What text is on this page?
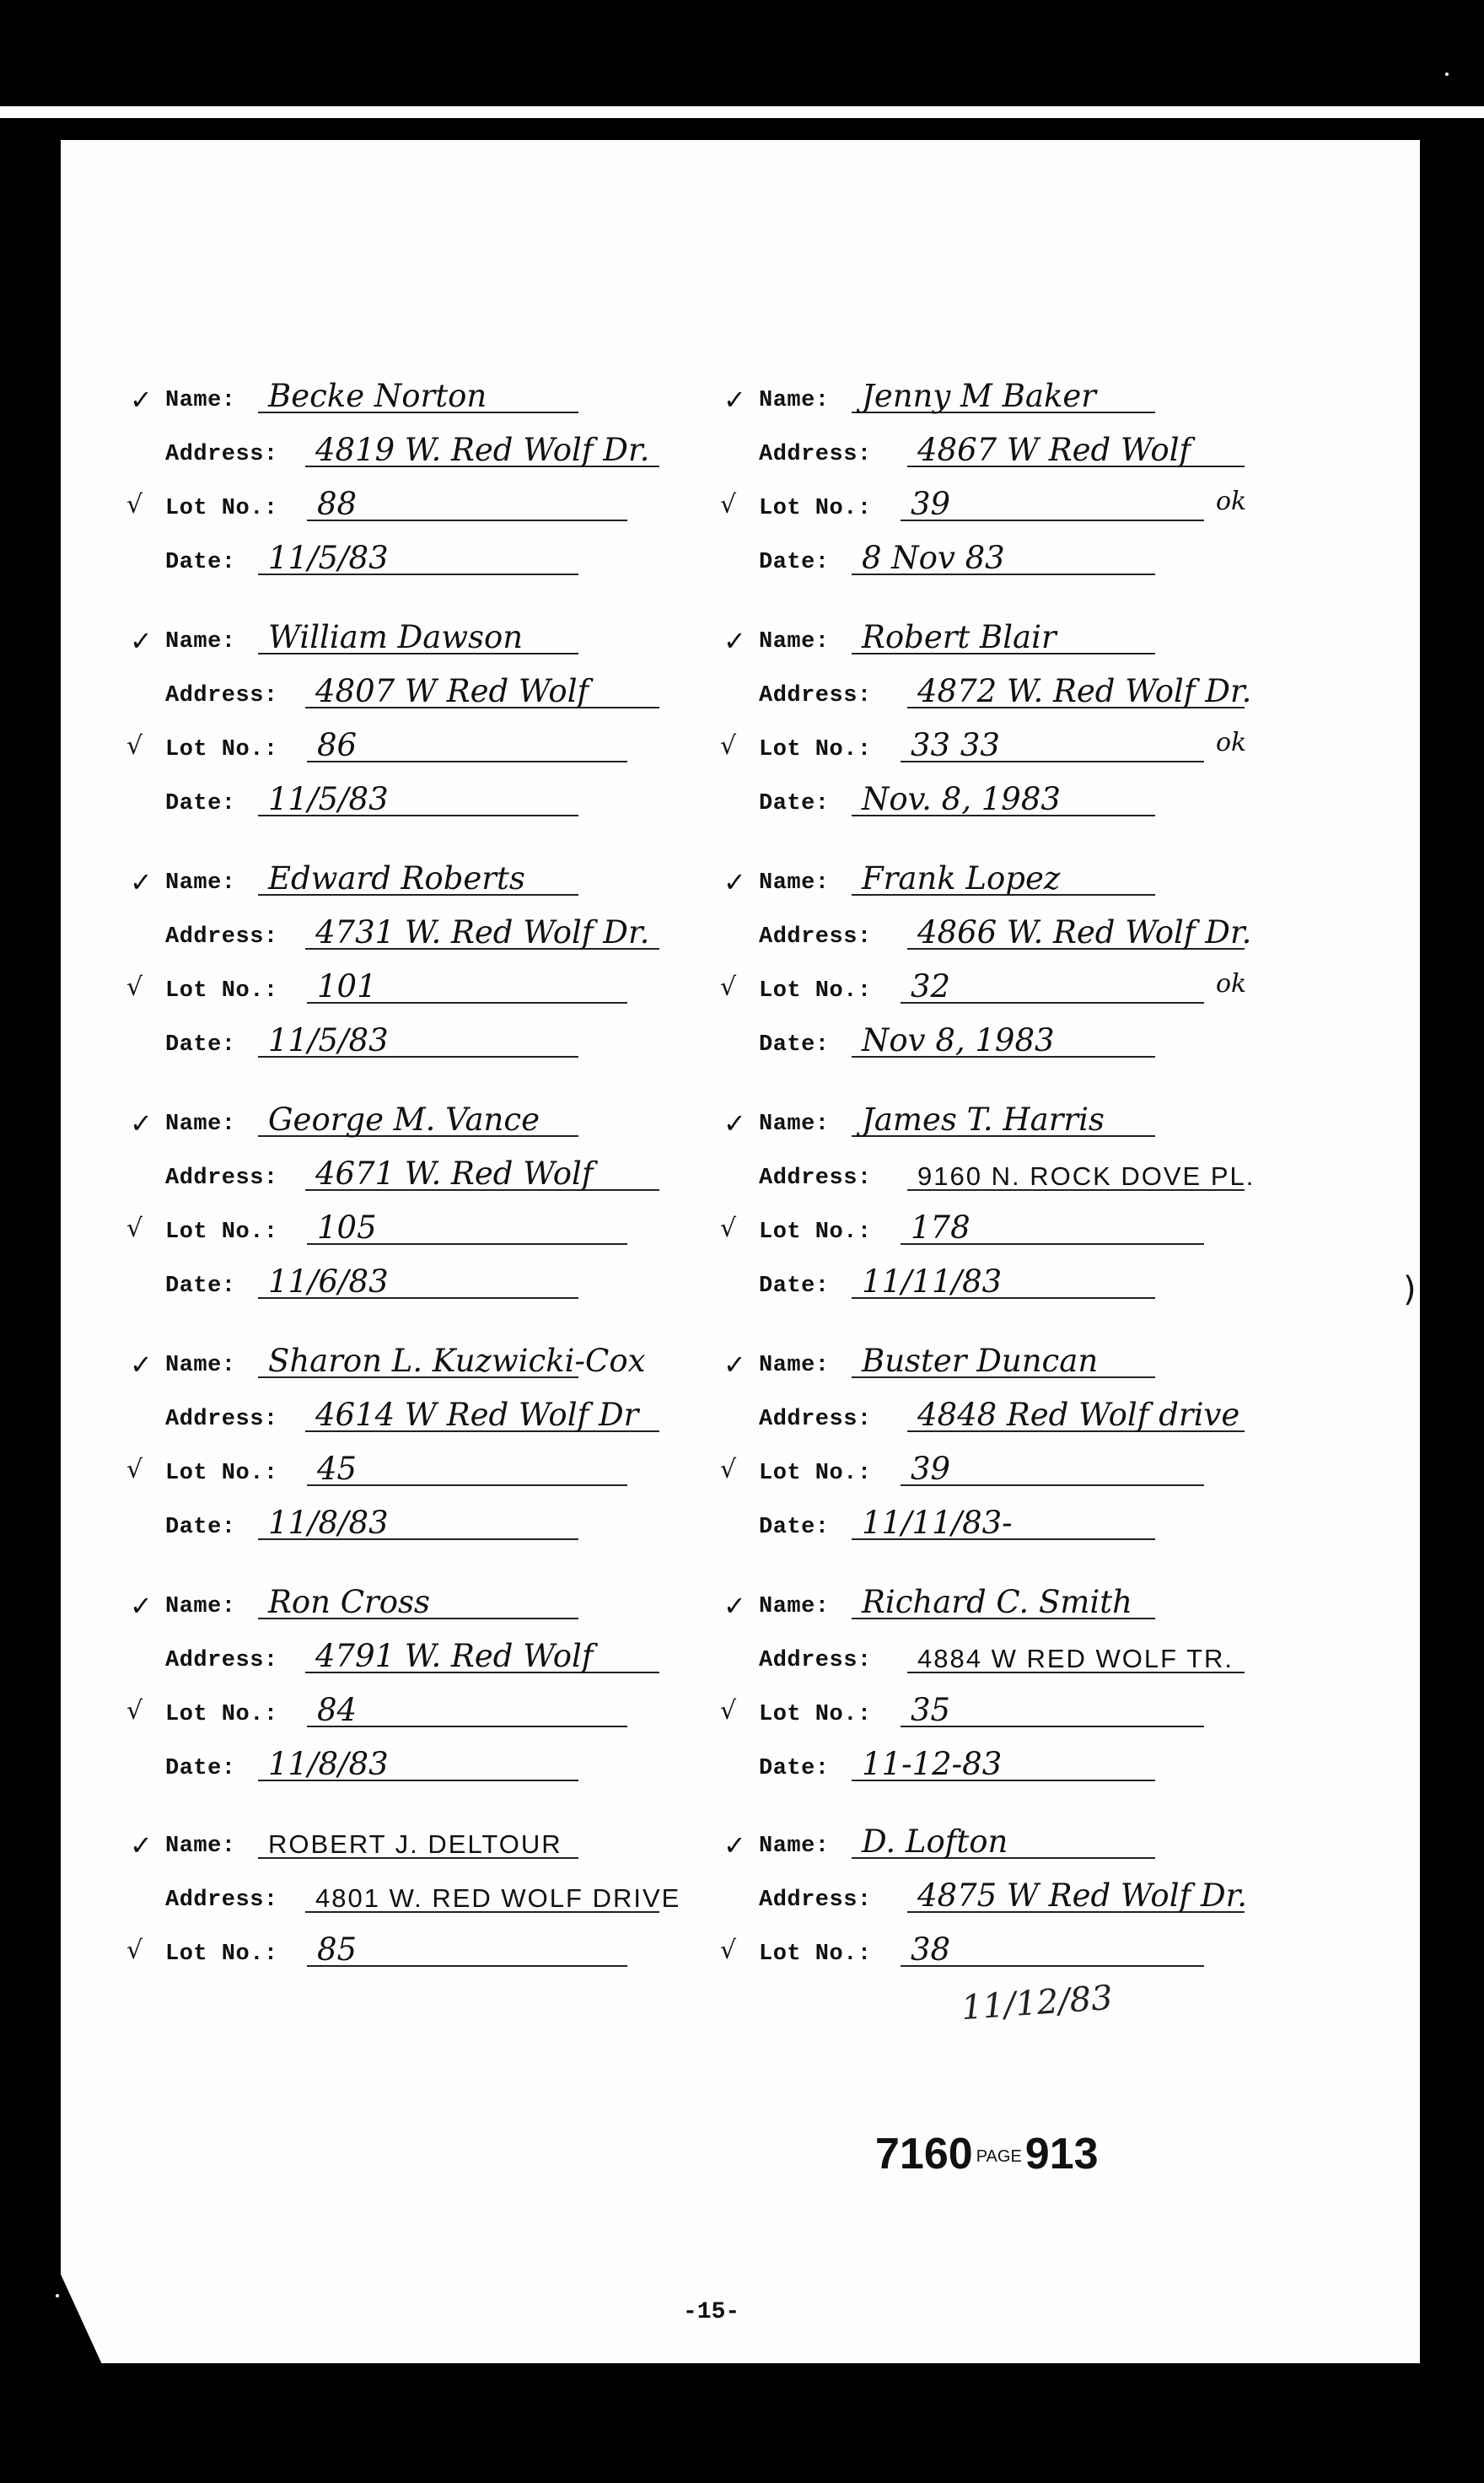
✓ Name: Becke Norton
Address: 4819 W. Red Wolf Dr.
Lot No.: 88
√
Date: 11/5/83
✓ Name: Jenny M Baker
Address: 4867 W Red Wolf
Lot No.: 39
√	ok
Date: 8 Nov 83
✓ Name: William Dawson
Address: 4807 W Red Wolf
Lot No.: 86
√
Date: 11/5/83
✓ Name: Robert Blair
Address: 4872 W. Red Wolf Dr.
Lot No.: 33 33
√	ok
Date: Nov. 8, 1983
✓ Name: Edward Roberts
Address: 4731 W. Red Wolf Dr.
Lot No.: 101
√
Date: 11/5/83
✓ Name: Frank Lopez
Address: 4866 W. Red Wolf Dr.
Lot No.: 32
√	ok
Date: Nov 8, 1983
✓ Name: George M. Vance
Address: 4671 W. Red Wolf
Lot No.: 105
√
Date: 11/6/83
✓ Name: James T. Harris
Address: 9160 N. ROCK DOVE PL.
Lot No.: 178
√
Date: 11/11/83
✓ Name: Sharon L. Kuzwicki-Cox
Address: 4614 W Red Wolf Dr
Lot No.: 45
√
Date: 11/8/83
✓ Name: Buster Duncan
Address: 4848 Red Wolf drive
Lot No.: 39
√
Date: 11/11/83-
✓ Name: Ron Cross
Address: 4791 W. Red Wolf
Lot No.: 84
√
Date: 11/8/83
✓ Name: Richard C. Smith
Address: 4884 W RED WOLF TR.
Lot No.: 35
√
Date: 11-12-83
✓ Name: ROBERT J. DELTOUR
Address: 4801 W. RED WOLF DRIVE
Lot No.: 85
√
✓ Name: D. Lofton
Address: 4875 W Red Wolf Dr.
Lot No.: 38
√
11/12/83
7160 PAGE913
-15-
)
